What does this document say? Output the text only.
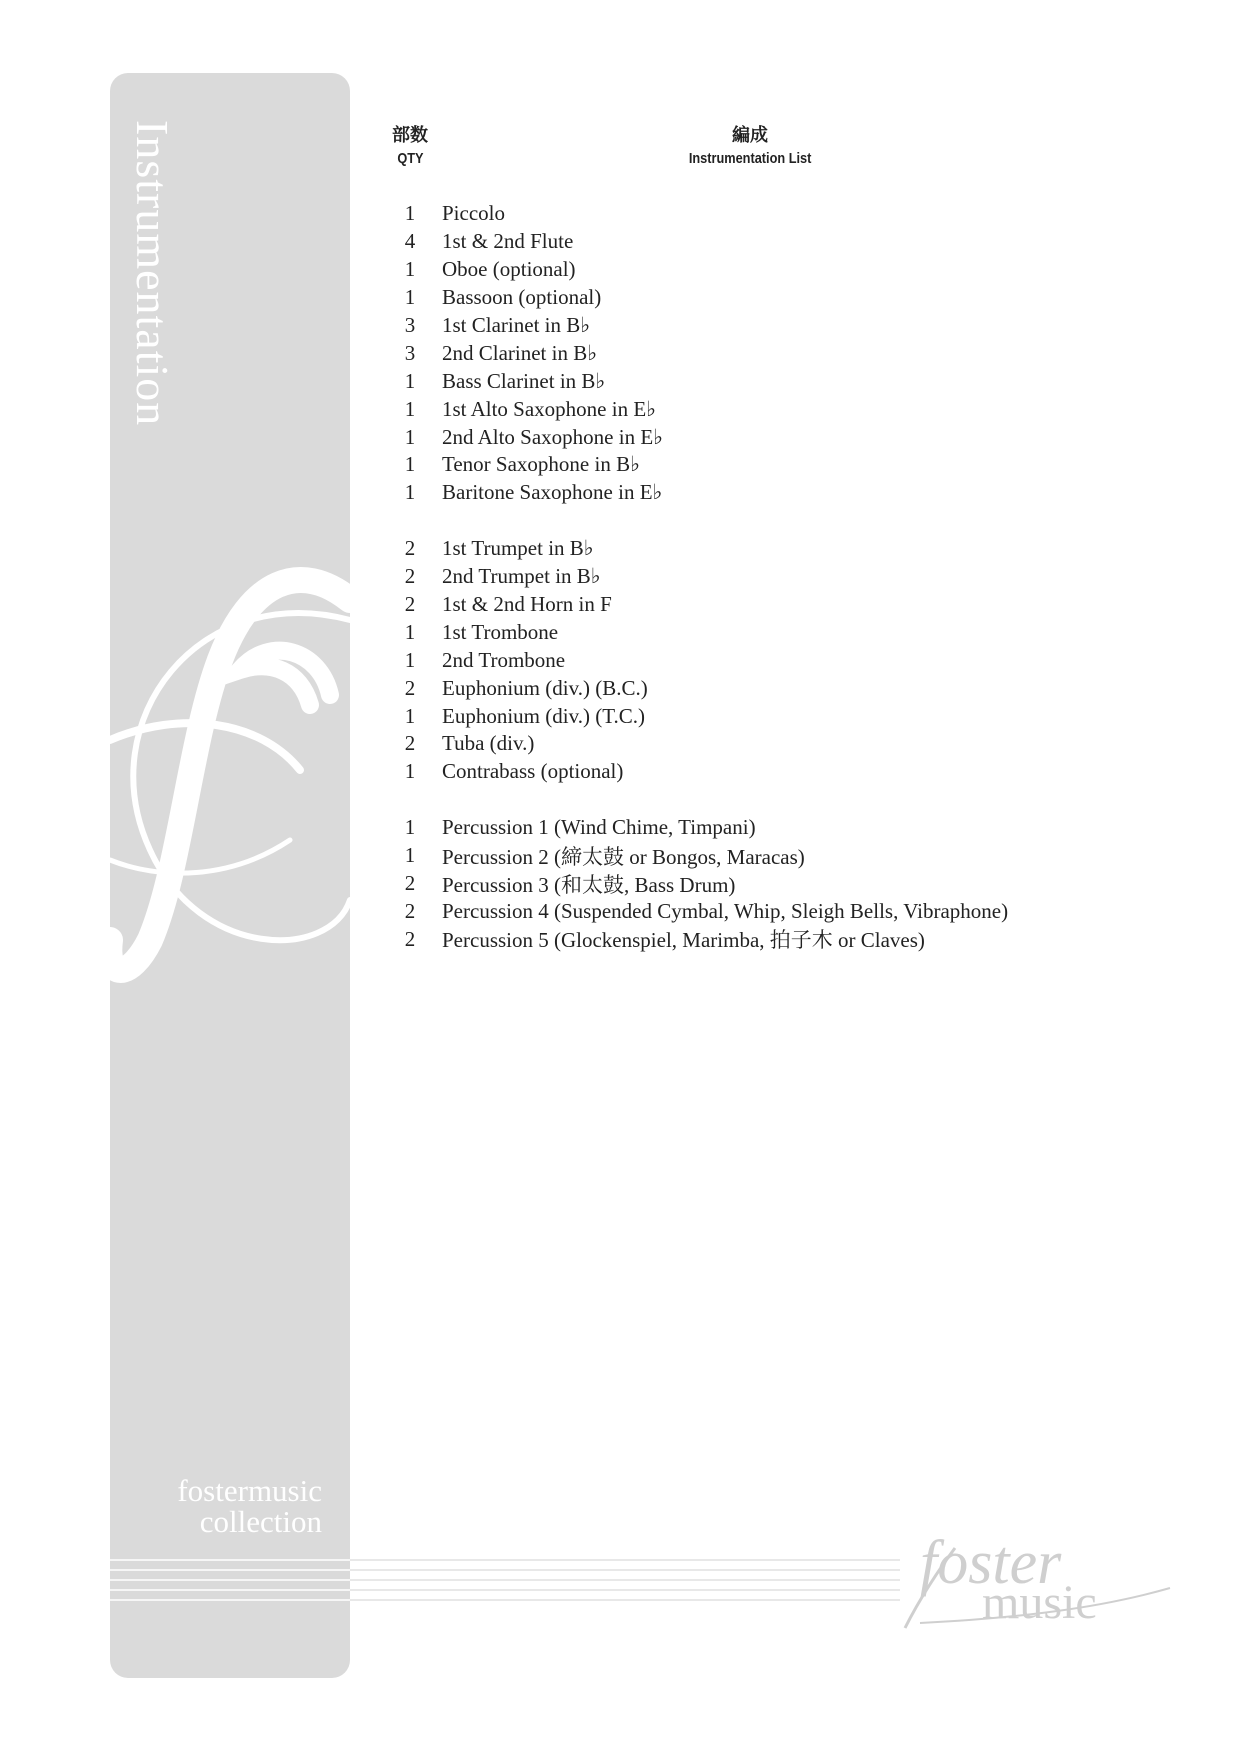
Instrumentation
fostermusic
collection
部数
QTY
編成
Instrumentation List
1 Piccolo
4 1st & 2nd Flute
1 Oboe (optional)
1 Bassoon (optional)
3 1st Clarinet in B♭
3 2nd Clarinet in B♭
1 Bass Clarinet in B♭
1 1st Alto Saxophone in E♭
1 2nd Alto Saxophone in E♭
1 Tenor Saxophone in B♭
1 Baritone Saxophone in E♭
2 1st Trumpet in B♭
2 2nd Trumpet in B♭
2 1st & 2nd Horn in F
1 1st Trombone
1 2nd Trombone
2 Euphonium (div.) (B.C.)
1 Euphonium (div.) (T.C.)
2 Tuba (div.)
1 Contrabass (optional)
1 Percussion 1 (Wind Chime, Timpani)
1 Percussion 2 (締太鼓 or Bongos, Maracas)
2 Percussion 3 (和太鼓, Bass Drum)
2 Percussion 4 (Suspended Cymbal, Whip, Sleigh Bells, Vibraphone)
2 Percussion 5 (Glockenspiel, Marimba, 拍子木 or Claves)
foster
music
